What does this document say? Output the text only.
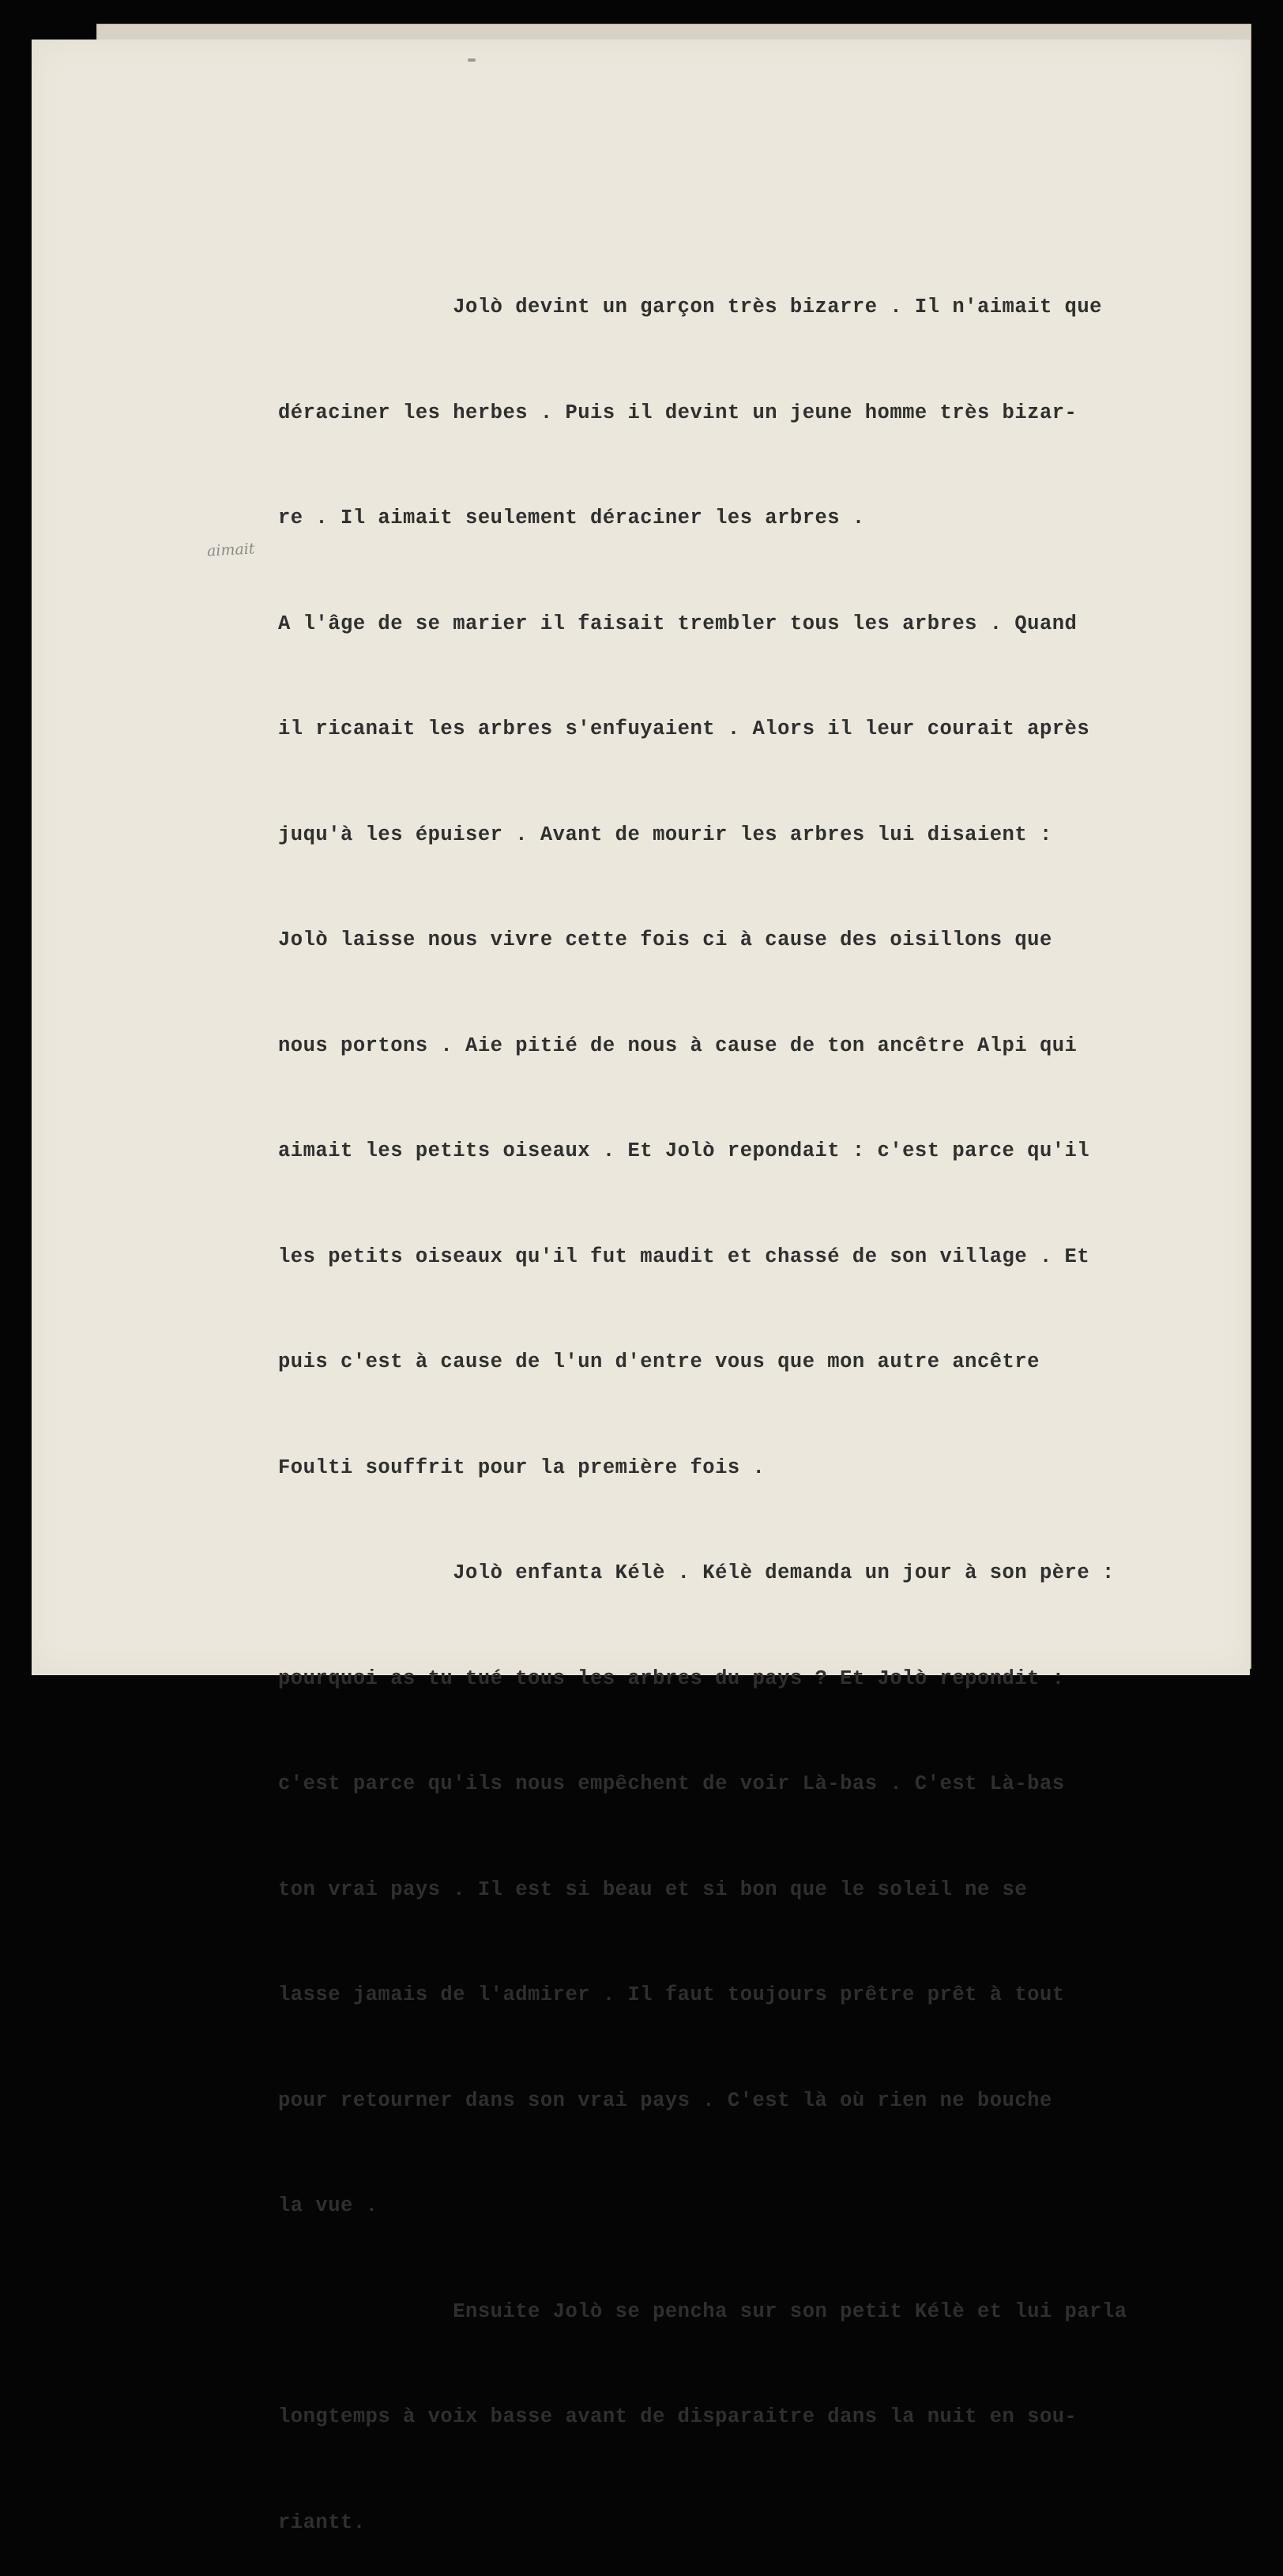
aimait

Jolò devint un garçon très bizarre . Il n'aimait que

déraciner les herbes . Puis il devint un jeune homme très bizar-

re . Il aimait seulement déraciner les arbres .

A l'âge de se marier il faisait trembler tous les arbres . Quand

il ricanait les arbres s'enfuyaient . Alors il leur courait après

juqu'à les épuiser . Avant de mourir les arbres lui disaient :

Jolò laisse nous vivre cette fois ci à cause des oisillons que

nous portons . Aie pitié de nous à cause de ton ancêtre Alpi qui

aimait les petits oiseaux . Et Jolò repondait : c'est parce qu'il

les petits oiseaux qu'il fut maudit et chassé de son village . Et

puis c'est à cause de l'un d'entre vous que mon autre ancêtre

Foulti souffrit pour la première fois .

Jolò enfanta Kélè . Kélè demanda un jour à son père :

pourquoi as tu tué tous les arbres du pays ? Et Jolò repondit :

c'est parce qu'ils nous empêchent de voir Là-bas . C'est Là-bas

ton vrai pays . Il est si beau et si bon que le soleil ne se

lasse jamais de l'admirer . Il faut toujours prêtre prêt à tout

pour retourner dans son vrai pays . C'est là où rien ne bouche

la vue .

Ensuite Jolò se pencha sur son petit Kélè et lui parla

longtemps à voix basse avant de disparaitre dans la nuit en sou-

riantt.
